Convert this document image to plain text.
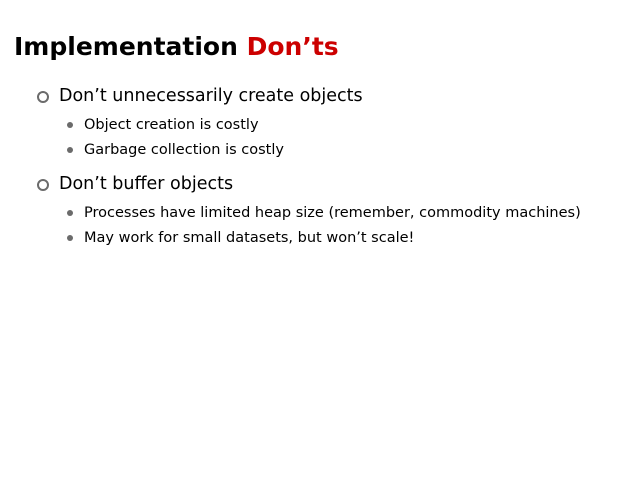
Implementation Don’ts
Don’t unnecessarily create objects
Object creation is costly
Garbage collection is costly
Don’t buffer objects
Processes have limited heap size (remember, commodity machines)
May work for small datasets, but won’t scale!
